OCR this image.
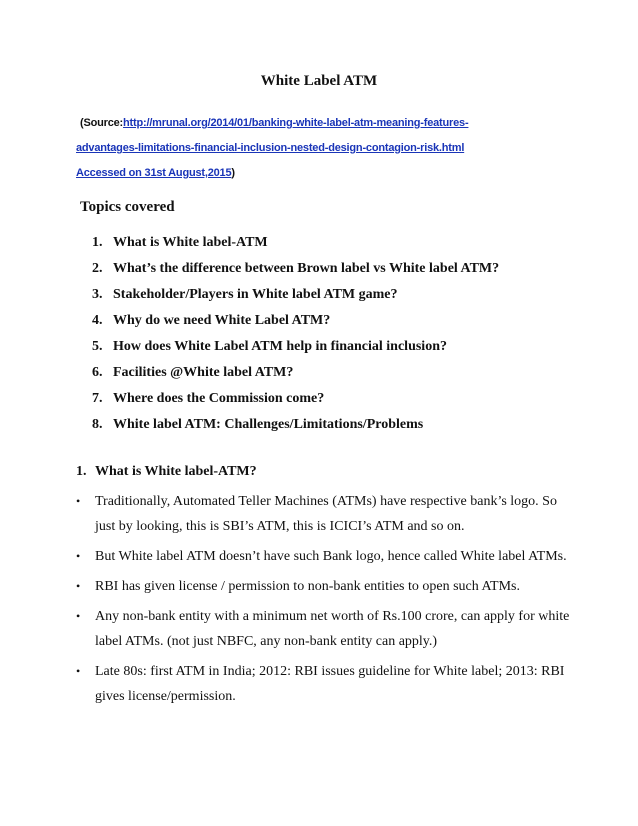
White Label ATM
(Source:http://mrunal.org/2014/01/banking-white-label-atm-meaning-features-
advantages-limitations-financial-inclusion-nested-design-contagion-risk.html
Accessed on 31st August,2015)
Topics covered
1. What is White label-ATM
2. What’s the difference between Brown label vs White label ATM?
3. Stakeholder/Players in White label ATM game?
4. Why do we need White Label ATM?
5. How does White Label ATM help in financial inclusion?
6. Facilities @White label ATM?
7. Where does the Commission come?
8. White label ATM: Challenges/Limitations/Problems
1. What is White label-ATM?
• Traditionally, Automated Teller Machines (ATMs) have respective bank’s logo. So just by looking, this is SBI’s ATM, this is ICICI’s ATM and so on.
• But White label ATM doesn’t have such Bank logo, hence called White label ATMs.
• RBI has given license / permission to non-bank entities to open such ATMs.
• Any non-bank entity with a minimum net worth of Rs.100 crore, can apply for white label ATMs. (not just NBFC, any non-bank entity can apply.)
• Late 80s: first ATM in India; 2012: RBI issues guideline for White label; 2013: RBI gives license/permission.
